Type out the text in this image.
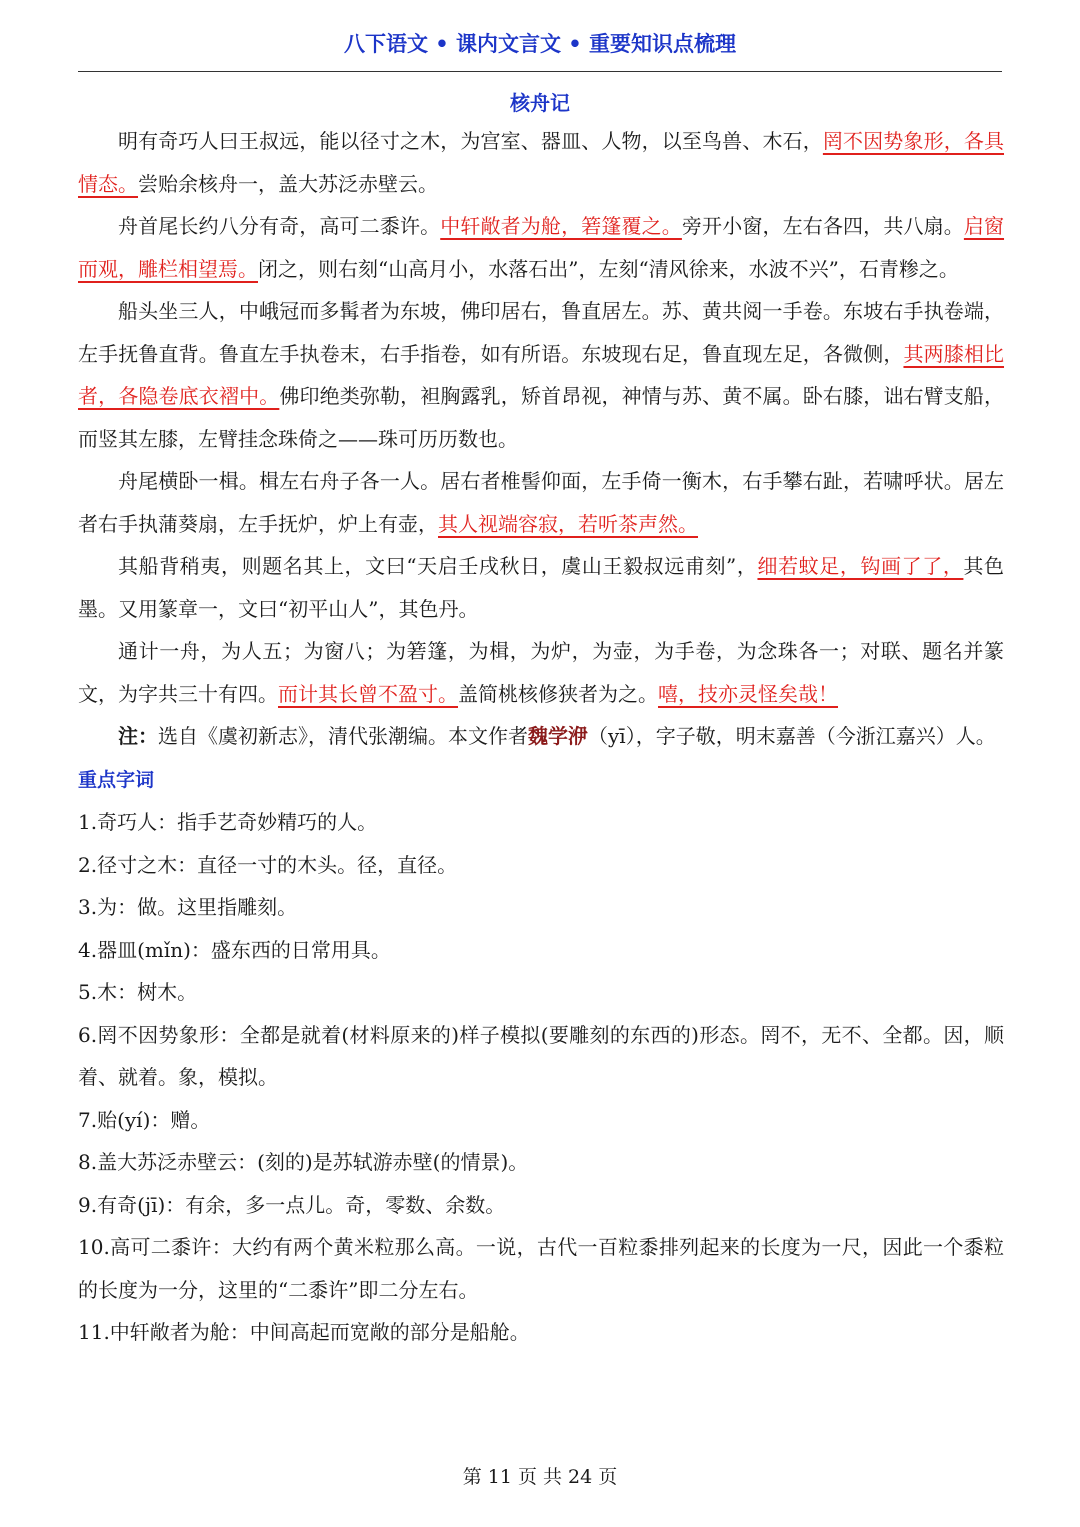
八下语文 • 课内文言文 • 重要知识点梳理
核舟记

明有奇巧人曰王叔远，能以径寸之木，为宫室、器皿、人物，以至鸟兽、木石，罔不因势象形，各具情态。尝贻余核舟一，盖大苏泛赤壁云。

舟首尾长约八分有奇，高可二黍许。中轩敞者为舱，箬篷覆之。旁开小窗，左右各四，共八扇。启窗而观，雕栏相望焉。闭之，则右刻“山高月小，水落石出”，左刻“清风徐来，水波不兴”，石青糁之。

船头坐三人，中峨冠而多髯者为东坡，佛印居右，鲁直居左。苏、黄共阅一手卷。东坡右手执卷端，左手抚鲁直背。鲁直左手执卷末，右手指卷，如有所语。东坡现右足，鲁直现左足，各微侧，其两膝相比者，各隐卷底衣褶中。佛印绝类弥勒，袒胸露乳，矫首昂视，神情与苏、黄不属。卧右膝，诎右臂支船，而竖其左膝，左臂挂念珠倚之——珠可历历数也。

舟尾横卧一楫。楫左右舟子各一人。居右者椎髻仰面，左手倚一衡木，右手攀右趾，若啸呼状。居左者右手执蒲葵扇，左手抚炉，炉上有壶，其人视端容寂，若听茶声然。

其船背稍夷，则题名其上，文曰“天启壬戌秋日，虞山王毅叔远甫刻”，细若蚊足，钩画了了，其色墨。又用篆章一，文曰“初平山人”，其色丹。

通计一舟，为人五；为窗八；为箬篷，为楫，为炉，为壶，为手卷，为念珠各一；对联、题名并篆文，为字共三十有四。而计其长曾不盈寸。盖简桃核修狭者为之。嘻，技亦灵怪矣哉！

注：选自《虞初新志》，清代张潮编。本文作者魏学洢（yī），字子敬，明末嘉善（今浙江嘉兴）人。

重点字词

1.奇巧人：指手艺奇妙精巧的人。

2.径寸之木：直径一寸的木头。径，直径。

3.为：做。这里指雕刻。

4.器皿(mǐn)：盛东西的日常用具。

5.木：树木。

6.罔不因势象形：全都是就着(材料原来的)样子模拟(要雕刻的东西的)形态。罔不，无不、全都。因，顺着、就着。象，模拟。

7.贻(yí)：赠。

8.盖大苏泛赤壁云：(刻的)是苏轼游赤壁(的情景)。

9.有奇(jī)：有余，多一点儿。奇，零数、余数。

10.高可二黍许：大约有两个黄米粒那么高。一说，古代一百粒黍排列起来的长度为一尺，因此一个黍粒的长度为一分，这里的“二黍许”即二分左右。

11.中轩敞者为舱：中间高起而宽敞的部分是船舱。

第 11 页 共 24 页
